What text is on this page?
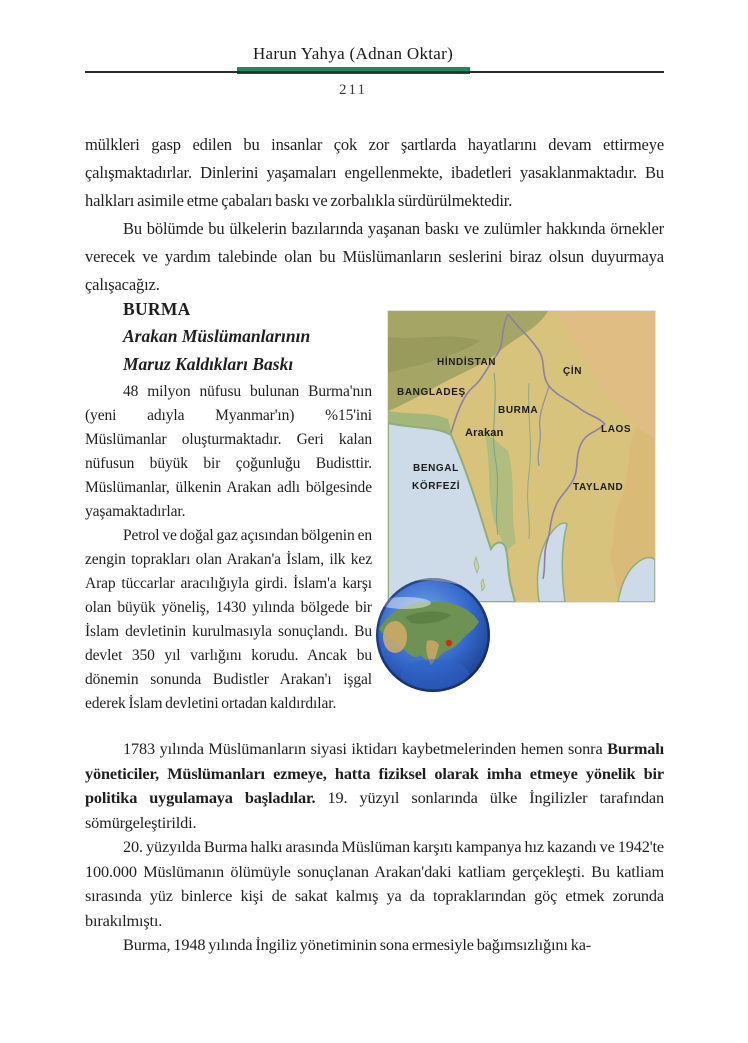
Harun Yahya (Adnan Oktar)
211

mülkleri gasp edilen bu insanlar çok zor şartlarda hayatlarını devam ettirmeye çalışmaktadırlar. Dinlerini yaşamaları engellenmekte, ibadetleri yasaklanmaktadır. Bu halkları asimile etme çabaları baskı ve zorbalıkla sürdürülmektedir.

Bu bölümde bu ülkelerin bazılarında yaşanan baskı ve zulümler hakkında örnekler verecek ve yardım talebinde olan bu Müslümanların seslerini biraz olsun duyurmaya çalışacağız.

BURMA

Arakan Müslümanlarının

Maruz Kaldıkları Baskı

48 milyon nüfusu bulunan Burma'nın (yeni adıyla Myanmar'ın) %15'ini Müslümanlar oluşturmaktadır. Geri kalan nüfusun büyük bir çoğunluğu Budisttir. Müslümanlar, ülkenin Arakan adlı bölgesinde yaşamaktadırlar.

Petrol ve doğal gaz açısından bölgenin en zengin toprakları olan Arakan'a İslam, ilk kez Arap tüccarlar aracılığıyla girdi. İslam'a karşı olan büyük yöneliş, 1430 yılında bölgede bir İslam devletinin kurulmasıyla sonuçlandı. Bu devlet 350 yıl varlığını korudu. Ancak bu dönemin sonunda Budistler Arakan'ı işgal ederek İslam devletini ortadan kaldırdılar.

HİNDİSTAN
ÇİN
BANGLADEŞ
BURMA
Arakan	LAOS
BENGAL
KÖRFEZİ	TAYLAND

1783 yılında Müslümanların siyasi iktidarı kaybetmelerinden hemen sonra Burmalı yöneticiler, Müslümanları ezmeye, hatta fiziksel olarak imha etmeye yönelik bir politika uygulamaya başladılar. 19. yüzyıl sonlarında ülke İngilizler tarafından sömürgeleştirildi.

20. yüzyılda Burma halkı arasında Müslüman karşıtı kampanya hız kazandı ve 1942'te 100.000 Müslümanın ölümüyle sonuçlanan Arakan'daki katliam gerçekleşti. Bu katliam sırasında yüz binlerce kişi de sakat kalmış ya da topraklarından göç etmek zorunda bırakılmıştı.

Burma, 1948 yılında İngiliz yönetiminin sona ermesiyle bağımsızlığını ka-
